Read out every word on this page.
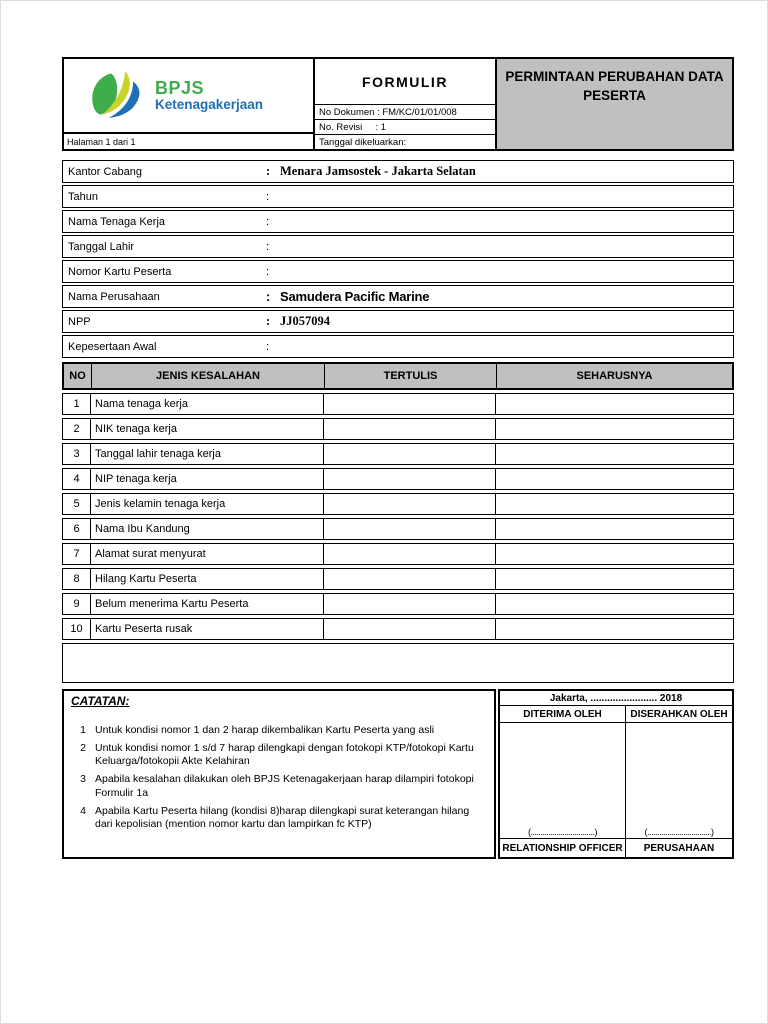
BPJS
Ketenagakerjaan
Halaman 1 dari 1
FORMULIR
No Dokumen : FM/KC/01/01/008
No. Revisi     : 1
Tanggal dikeluarkan:
PERMINTAAN PERUBAHAN DATA PESERTA
Kantor Cabang	: Menara Jamsostek - Jakarta Selatan
Tahun	:
Nama Tenaga Kerja	:
Tanggal Lahir	:
Nomor Kartu Peserta	:
Nama Perusahaan	: Samudera Pacific Marine
NPP	: JJ057094
Kepesertaan Awal	:
NO	JENIS KESALAHAN	TERTULIS	SEHARUSNYA
1	Nama tenaga kerja
2	NIK tenaga kerja
3	Tanggal lahir tenaga kerja
4	NIP tenaga kerja
5	Jenis kelamin tenaga kerja
6	Nama Ibu Kandung
7	Alamat surat menyurat
8	Hilang Kartu Peserta
9	Belum menerima Kartu Peserta
10	Kartu Peserta rusak
CATATAN:
1 Untuk kondisi nomor 1 dan 2 harap dikembalikan Kartu Peserta yang asli
2 Untuk kondisi nomor 1 s/d 7 harap dilengkapi dengan fotokopi KTP/fotokopi Kartu Keluarga/fotokopii Akte Kelahiran
3 Apabila kesalahan dilakukan oleh BPJS Ketenagakerjaan harap dilampiri fotokopi Formulir 1a
4 Apabila Kartu Peserta hilang (kondisi 8)harap dilengkapi surat keterangan hilang dari kepolisian (mention nomor kartu dan lampirkan fc KTP)
Jakarta, ........................ 2018
DITERIMA OLEH	DISERAHKAN OLEH
(................................)	(................................)
RELATIONSHIP OFFICER	PERUSAHAAN
